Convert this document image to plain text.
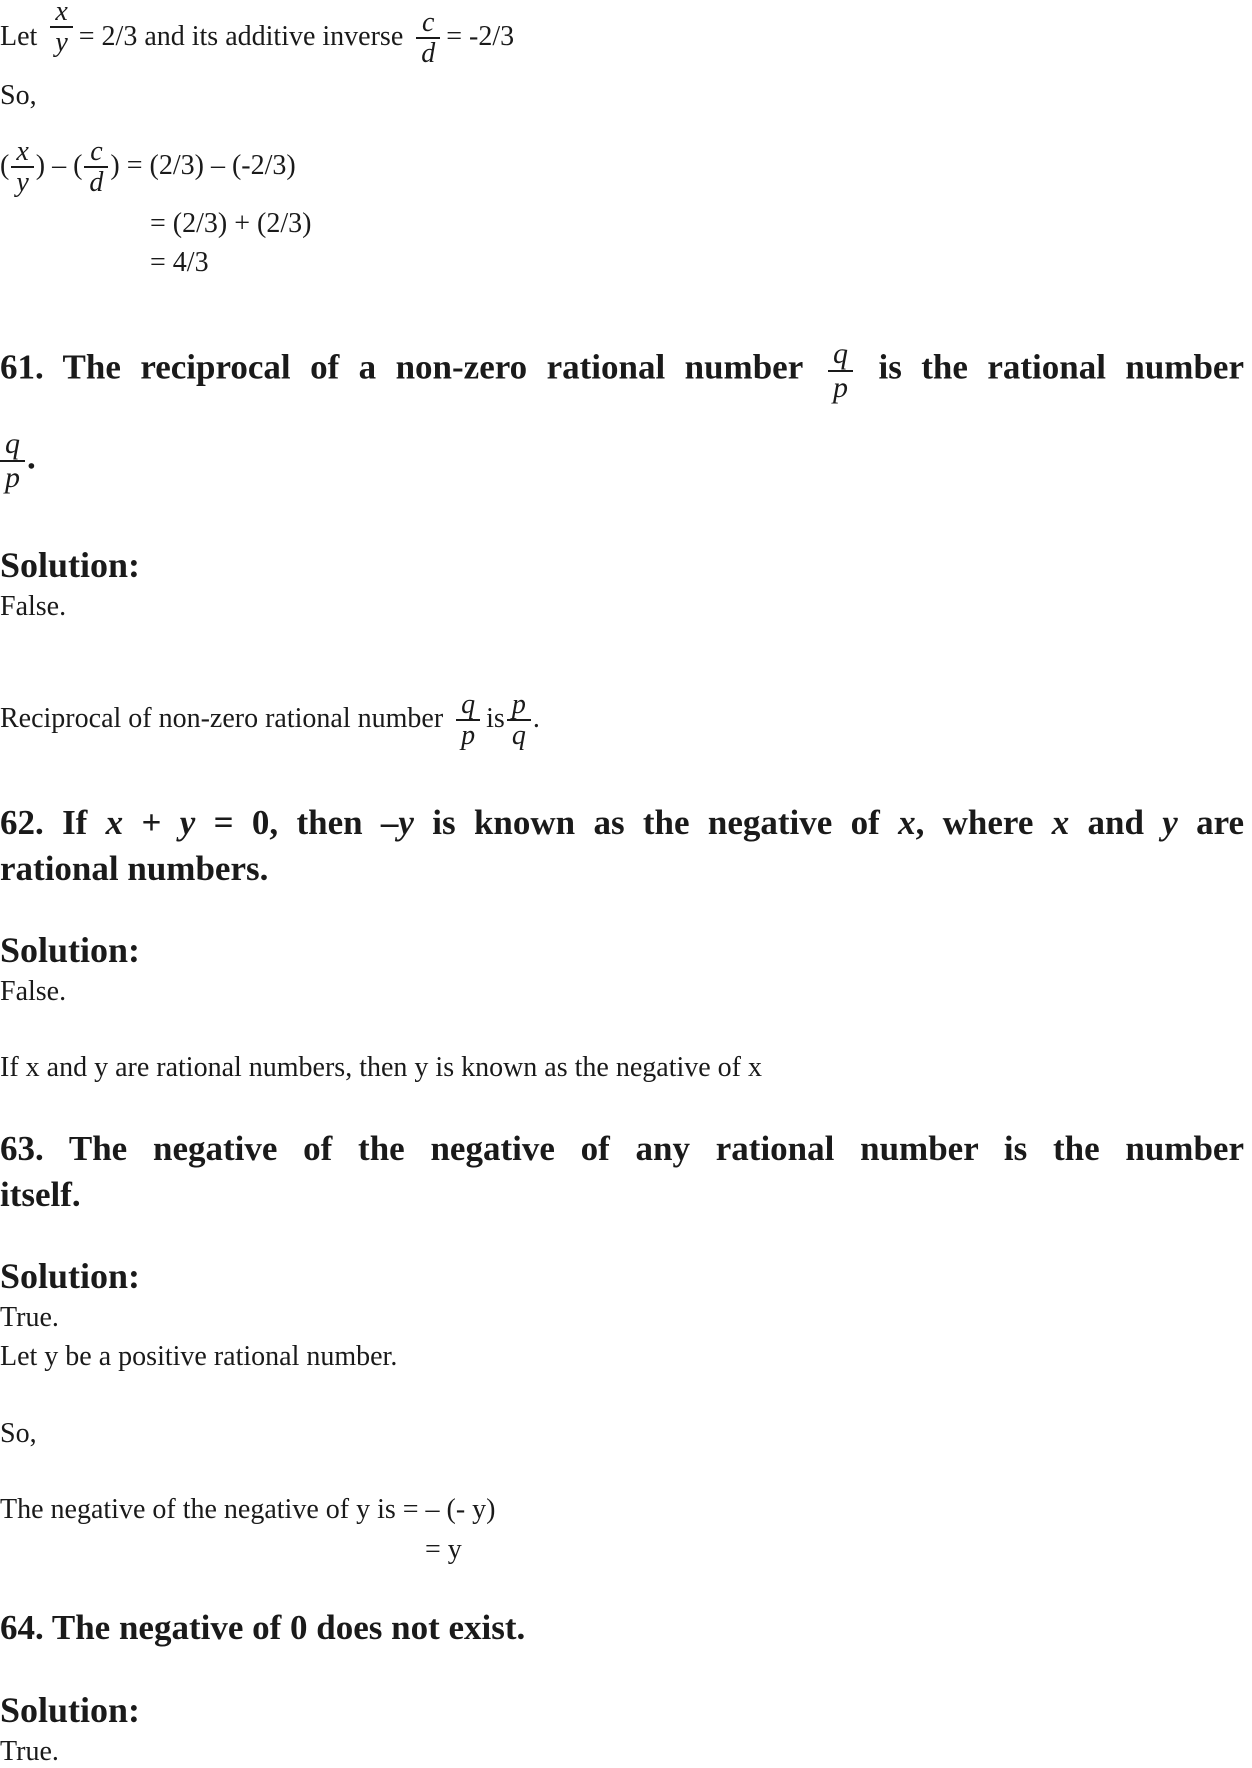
Let $\frac{x}{y} = 2/3$ and its additive inverse $\frac{c}{d} = -2/3$
So,
( $\frac{x}{y}$ ) – ( $\frac{c}{d}$ ) = (2/3) – (-2/3)
= (2/3) + (2/3)
= 4/3
61. The reciprocal of a non-zero rational number $\frac{q}{p}$ is the rational number
$\frac{q}{p}$ .
Solution:
False.
Reciprocal of non-zero rational number $\frac{q}{p}$ is $\frac{p}{q}$ .
62. If x + y = 0, then –y is known as the negative of x, where x and y are
rational numbers.
Solution:
False.
If x and y are rational numbers, then y is known as the negative of x
63. The negative of the negative of any rational number is the number
itself.
Solution:
True.
Let y be a positive rational number.
So,
The negative of the negative of y is = – (- y)
= y
64. The negative of 0 does not exist.
Solution:
True.
